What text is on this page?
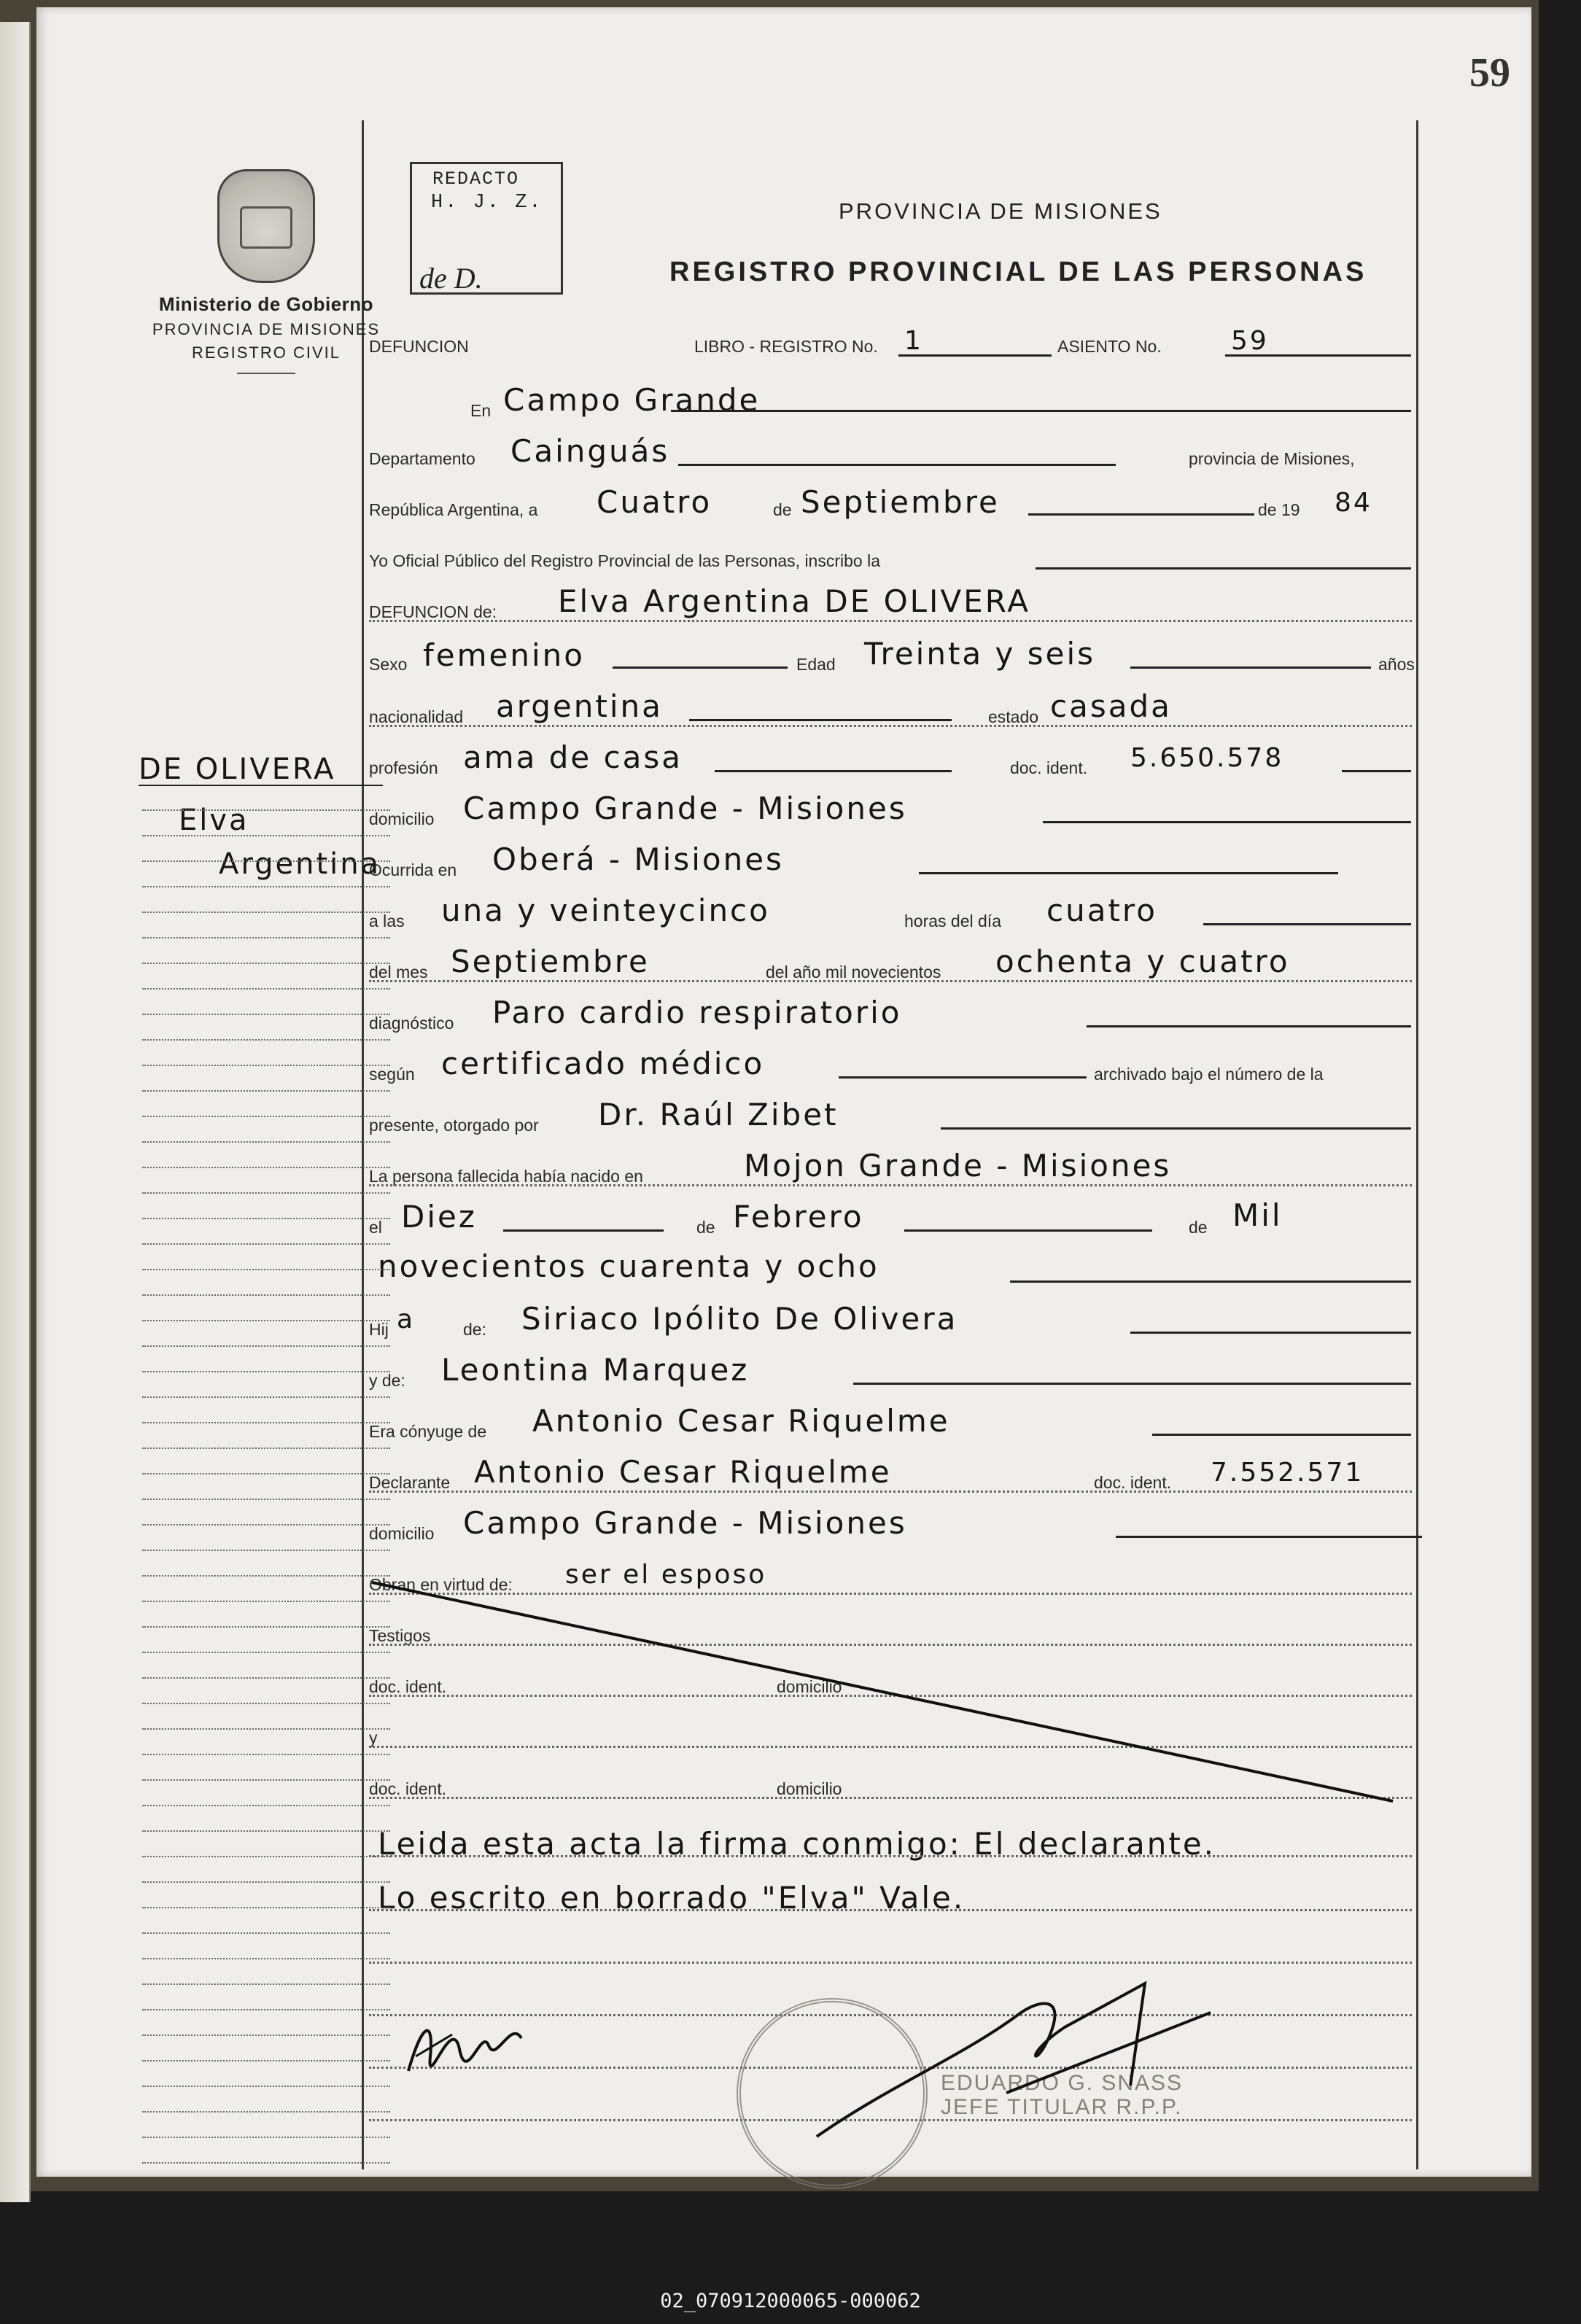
59
Ministerio de Gobierno
PROVINCIA DE MISIONES
REGISTRO CIVIL
REDACTO
H. J. Z.
de D.
PROVINCIA DE MISIONES
REGISTRO PROVINCIAL DE LAS PERSONAS
DEFUNCION	LIBRO - REGISTRO No. 1	ASIENTO No.	59
En Campo Grande
Departamento Cainguás	provincia de Misiones,
República Argentina, a Cuatro	de Septiembre	de 19 84
Yo Oficial Público del Registro Provincial de las Personas, inscribo la
DEFUNCION de: Elva Argentina DE OLIVERA
Sexo femenino	Edad Treinta y seis	años
nacionalidad argentina	estado casada
profesión ama de casa	doc. ident. 5.650.578
domicilio Campo Grande - Misiones
Ocurrida en Oberá - Misiones
a las una y veinteycinco	horas del día cuatro
del mes Septiembre	del año mil novecientos ochenta y cuatro
diagnóstico Paro cardio respiratorio
según certificado médico	archivado bajo el número de la
presente, otorgado por Dr. Raúl Zibet
La persona fallecida había nacido en	Mojon Grande - Misiones
el Diez	de Febrero	de Mil
novecientos cuarenta y ocho
Hij a	de: Siriaco Ipólito De Olivera
y de: Leontina Marquez
Era cónyuge de Antonio Cesar Riquelme
Declarante Antonio Cesar Riquelme	doc. ident. 7.552.571
domicilio Campo Grande - Misiones
Obran en virtud de: ser el esposo
Testigos
doc. ident.	domicilio
y
doc. ident.	domicilio
Leida esta acta la firma conmigo: El declarante.
Lo escrito en borrado "Elva" Vale.
EDUARDO G. SNASS
JEFE TITULAR R.P.P.
DE OLIVERA
Elva
Argentina
02_070912000065-000062
